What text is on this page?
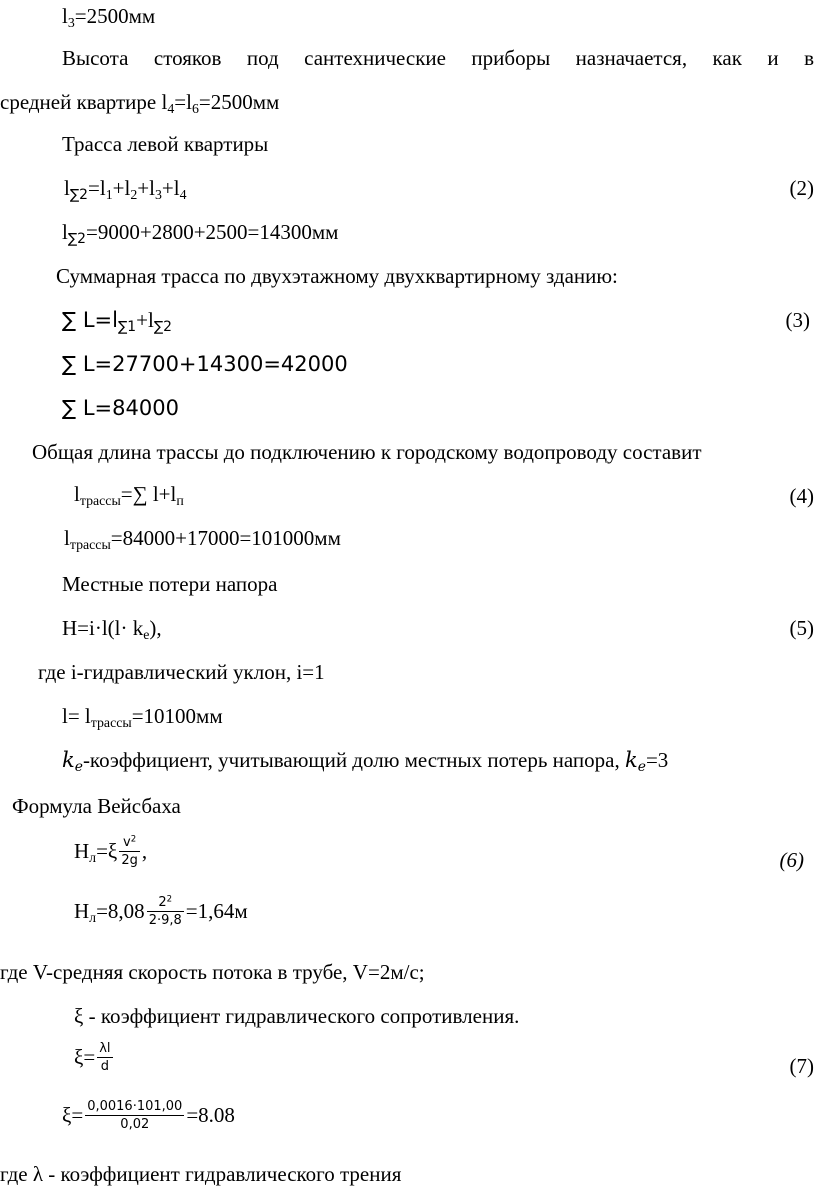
$l_3=2500мм$
Высота стояков под сантехнические приборы назначается, как и в
средней квартире $l_4=l_6=2500мм$
Трасса левой квартиры
$l_{\sum 2}=l_1+l_2+l_3+l_4$	(2)
$l_{\sum 2}=9000+2800+2500=14300мм$
Суммарная трасса по двухэтажному двухквартирному зданию:
∑ $L=l_{\sum 1}+l_{\sum 2}$	(3)
∑ L=27700+14300=42000
∑ L=84000
Общая длина трассы до подключению к городскому водопроводу составит
$l_{трассы}=\sum$ $l+l_п$	(4)
$l_{трассы}=84000+17000=101000мм$
Местные потери напора
$H=i\cdot l(l\cdot k_e)$,	(5)
где i-гидравлический уклон, i=1
$l= l_{трассы}=10100мм$
$k_e$-коэффициент, учитывающий долю местных потерь напора, $k_e=3$
Формула Вейсбаха
$Н_л=\xi \frac{v^2}{2g}$ ,	(6)
$Н_л=8,08 \frac{2^2}{2\cdot 9,8} =1,64м$
где V-средняя скорость потока в трубе, V=2м/с;
ξ - коэффициент гидравлического сопротивления.
$\xi= \frac{\lambda l}{d}$	(7)
$\xi= \frac{0,0016\cdot 101,00}{0,02} =8.08$
где λ - коэффициент гидравлического трения
